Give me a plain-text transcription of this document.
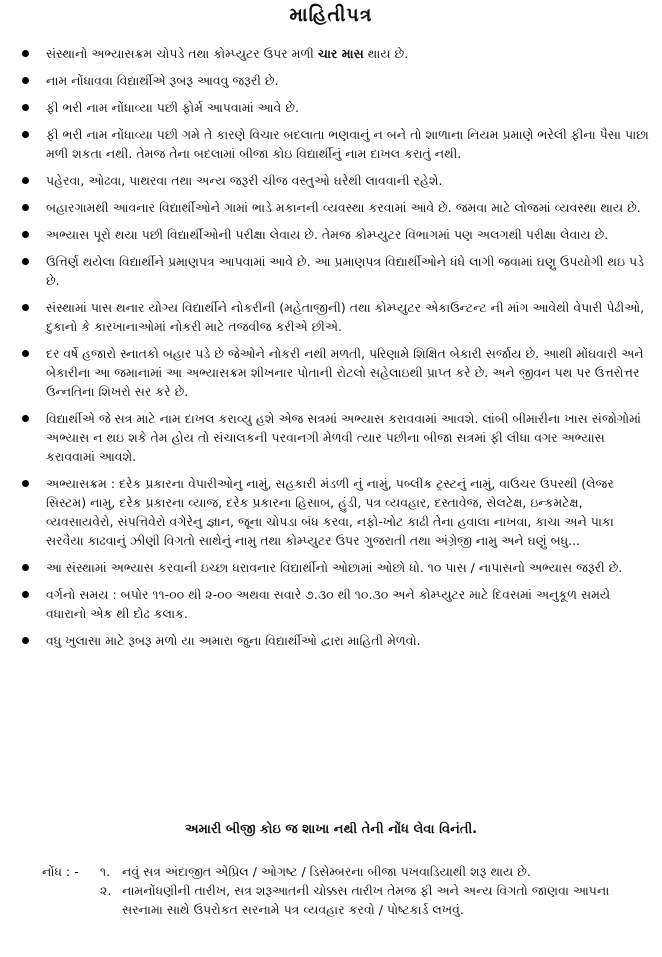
માહિતીપત્ર
સંસ્થાનો અભ્યાસક્રમ ચોપડે તથા કોમ્પ્યુટર ઉપર મળી ચાર માસ થાય છે.
નામ નોંધાવવા વિદ્યાર્થીએ રૂબરૂ આવવુ જરૂરી છે.
ફી ભરી નામ નોંધાવ્યા પછી ફોર્મ આપવામાં આવે છે.
ફી ભરી નામ નોંધાવ્યા પછી ગમે તે કારણે વિચાર બદલાતા ભણવાનું ન બને તો શાળાના નિયમ પ્રમાણે ભરેલી ફીના પૈસા પાછા મળી શકતા નથી. તેમજ તેના બદલામાં બીજા કોઇ વિદ્યાર્થીનું નામ દાખલ કરાતું નથી.
પહેરવા, ઓઢવા, પાથરવા તથા અન્ય જરૂરી ચીજ વસ્તુઓ ઘરેથી લાવવાની રહેશે.
બહારગામથી આવનાર વિદ્યાર્થીઓને ગામાં ભાડે મકાનની વ્યવસ્થા કરવામાં આવે છે. જમવા માટે લોજમાં વ્યવસ્થા થાય છે.
અભ્યાસ પૂરો થયા પછી વિદ્યાર્થીઓની પરીક્ષા લેવાય છે. તેમજ કોમ્પ્યુટર વિભાગમાં પણ અલગથી પરીક્ષા લેવાય છે.
ઉત્તિર્ણ થયેલા વિદ્યાર્થીને પ્રમાણપત્ર આપવામાં આવે છે. આ પ્રમાણપત્ર વિદ્યાર્થીઓને ધંધે લાગી જવામાં ઘણુ ઉપયોગી થઇ પડે છે.
સંસ્થામાં પાસ થનાર યોગ્ય વિદ્યાર્થીને નોકરીની (મહેતાજીની) તથા કોમ્પ્યુટર એકાઉન્ટન્ટ ની માંગ આવેથી વેપારી પેઢીઓ, દુકાનો કે કારખાનાઓમાં નોકરી માટે તજવીજ કરીએ છીએ.
દર વર્ષે હજારો સ્નાતકો બહાર પડે છે જેઓને નોકરી નથી મળતી, પરિણામે શિક્ષિત બેકારી સર્જાય છે. આથી મોંઘવારી અને બેકારીના આ જમાનામાં આ અભ્યાસક્રમ શીખનાર પોતાની રોટલો સહેલાઇથી પ્રાપ્ત કરે છે. અને જીવન પથ પર ઉત્તરોત્તર ઉન્નતિના શિખરો સર કરે છે.
વિદ્યાર્થીએ જે સત્ર માટે નામ દાખલ કરાવ્યુ હશે એજ સત્રમાં અભ્યાસ કરાવવામાં આવશે. લાંબી બીમારીના ખાસ સંજોગોમાં અભ્યાસ ન થઇ શકે તેમ હોય તો સંચાલકની પરવાનગી મેળવી ત્યાર પછીના બીજા સત્રમાં ફી લીધા વગર અભ્યાસ કરાવવામાં આવશે.
અભ્યાસક્રમ : દરેક પ્રકારના વેપારીઓનુ નામું, સહકારી મંડળી નું નામું, પબ્લીક ટ્રસ્ટનું નામું, વાઉચર ઉપરથી (લેજર સિસ્ટમ) નામુ, દરેક પ્રકારના વ્યાજ, દરેક પ્રકારના હિસાબ, હુંડી, પત્ર વ્યવહાર, દસ્તાવેજ, સેલટેક્ષ, ઇન્કમટેક્ષ, વ્યવસાયવેરો, સંપત્તિવેરો વગેરેનુ જ્ઞાન, જૂના ચોપડા બંધ કરવા, નફો-ખોટ કાઢી તેના હવાલા નાખવા, કાચા અને પાકા સરવૈયા કાઢવાનું ઝીણી વિગતો સાથેનું નામુ તથા કોમ્પ્યુટર ઉપર ગુજરાતી તથા અંગ્રેજી નામુ અને ઘણું બધુ...
આ સંસ્થામાં અભ્યાસ કરવાની ઇચ્છા ધરાવનાર વિદ્યાર્થીનો ઓછામાં ઓછો ધો. ૧૦ પાસ / નાપાસનો અભ્યાસ જરૂરી છે.
વર્ગનો સમય : બપોર ૧૧-૦૦ થી ૨-૦૦ અથવા સવારે ૭.૩૦ થી ૧૦.૩૦ અને કોમ્પ્યુટર માટે દિવસમાં અનુકૂળ સમયે વધારાનો એક થી દોઢ કલાક.
વધુ ખુલાસા માટે રૂબરૂ મળો યા અમારા જુના વિદ્યાર્થીઓ દ્વારા માહિતી મેળવો.
અમારી બીજી કોઇ જ શાખા નથી તેની નોંધ લેવા વિનંતી.
નોંધ : -	૧. નવું સત્ર અંદાજીત એપ્રિલ / ઓગષ્ટ / ડિસેમ્બરના બીજા પખવાડિયાથી શરૂ થાય છે.
૨. નામનોંધણીની તારીખ, સત્ર શરૂઆતની ચોક્કસ તારીખ તેમજ ફી અને અન્ય વિગતો જાણવા આપના સરનામા સાથે ઉપરોકત સરનામે પત્ર વ્યવહાર કરવો / પોષ્ટકાર્ડ લખવું.
